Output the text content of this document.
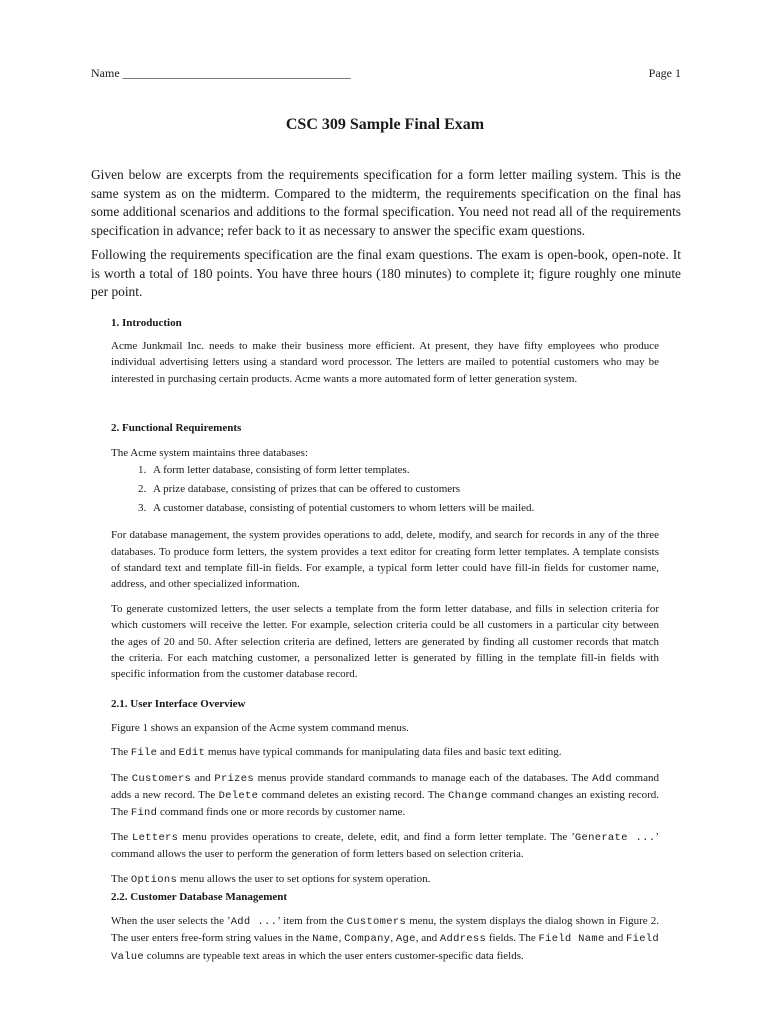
Name ______________________________________	Page 1
CSC 309 Sample Final Exam

Given below are excerpts from the requirements specification for a form letter mailing system. This is the same system as on the midterm. Compared to the midterm, the requirements specification on the final has some additional scenarios and additions to the formal specification. You need not read all of the requirements specification in advance; refer back to it as necessary to answer the specific exam questions.

Following the requirements specification are the final exam questions. The exam is open-book, open-note. It is worth a total of 180 points. You have three hours (180 minutes) to complete it; figure roughly one minute per point.

1. Introduction

Acme Junkmail Inc. needs to make their business more efficient. At present, they have fifty employees who produce individual advertising letters using a standard word processor. The letters are mailed to potential customers who may be interested in purchasing certain products. Acme wants a more automated form of letter generation system.

2. Functional Requirements

The Acme system maintains three databases:

1. A form letter database, consisting of form letter templates.
2. A prize database, consisting of prizes that can be offered to customers
3. A customer database, consisting of potential customers to whom letters will be mailed.

For database management, the system provides operations to add, delete, modify, and search for records in any of the three databases. To produce form letters, the system provides a text editor for creating form letter templates. A template consists of standard text and template fill-in fields. For example, a typical form letter could have fill-in fields for customer name, address, and other specialized information.

To generate customized letters, the user selects a template from the form letter database, and fills in selection criteria for which customers will receive the letter. For example, selection criteria could be all customers in a particular city between the ages of 20 and 50. After selection criteria are defined, letters are generated by finding all customer records that match the criteria. For each matching customer, a personalized letter is generated by filling in the template fill-in fields with specific information from the customer database record.

2.1. User Interface Overview

Figure 1 shows an expansion of the Acme system command menus.

The File and Edit menus have typical commands for manipulating data files and basic text editing.

The Customers and Prizes menus provide standard commands to manage each of the databases. The Add command adds a new record. The Delete command deletes an existing record. The Change command changes an existing record. The Find command finds one or more records by customer name.

The Letters menu provides operations to create, delete, edit, and find a form letter template. The ’Generate ...’ command allows the user to perform the generation of form letters based on selection criteria.

The Options menu allows the user to set options for system operation.

2.2. Customer Database Management

When the user selects the ’Add ...’ item from the Customers menu, the system displays the dialog shown in Figure 2. The user enters free-form string values in the Name, Company, Age, and Address fields. The Field Name and Field Value columns are typeable text areas in which the user enters customer-specific data fields.
